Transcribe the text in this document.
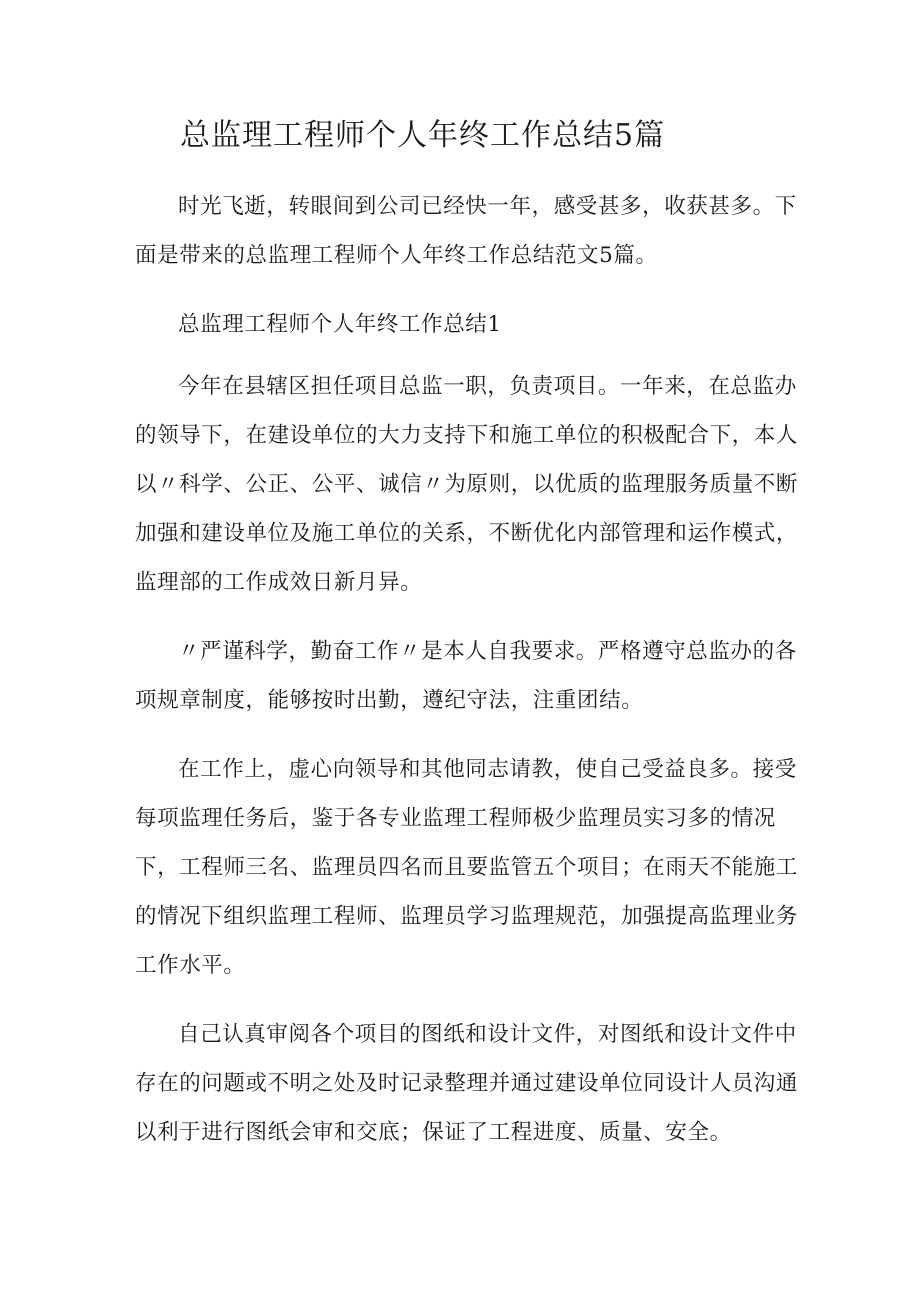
总监理工程师个人年终工作总结5篇

时光飞逝，转眼间到公司已经快一年，感受甚多，收获甚多。下面是带来的总监理工程师个人年终工作总结范文5篇。

总监理工程师个人年终工作总结1

今年在县辖区担任项目总监一职，负责项目。一年来，在总监办的领导下，在建设单位的大力支持下和施工单位的积极配合下，本人以〃科学、公正、公平、诚信〃为原则，以优质的监理服务质量不断加强和建设单位及施工单位的关系，不断优化内部管理和运作模式，监理部的工作成效日新月异。

〃严谨科学，勤奋工作〃是本人自我要求。严格遵守总监办的各项规章制度，能够按时出勤，遵纪守法，注重团结。

在工作上，虚心向领导和其他同志请教，使自己受益良多。接受每项监理任务后，鉴于各专业监理工程师极少监理员实习多的情况下，工程师三名、监理员四名而且要监管五个项目；在雨天不能施工的情况下组织监理工程师、监理员学习监理规范，加强提高监理业务工作水平。

自己认真审阅各个项目的图纸和设计文件，对图纸和设计文件中存在的问题或不明之处及时记录整理并通过建设单位同设计人员沟通以利于进行图纸会审和交底；保证了工程进度、质量、安全。
